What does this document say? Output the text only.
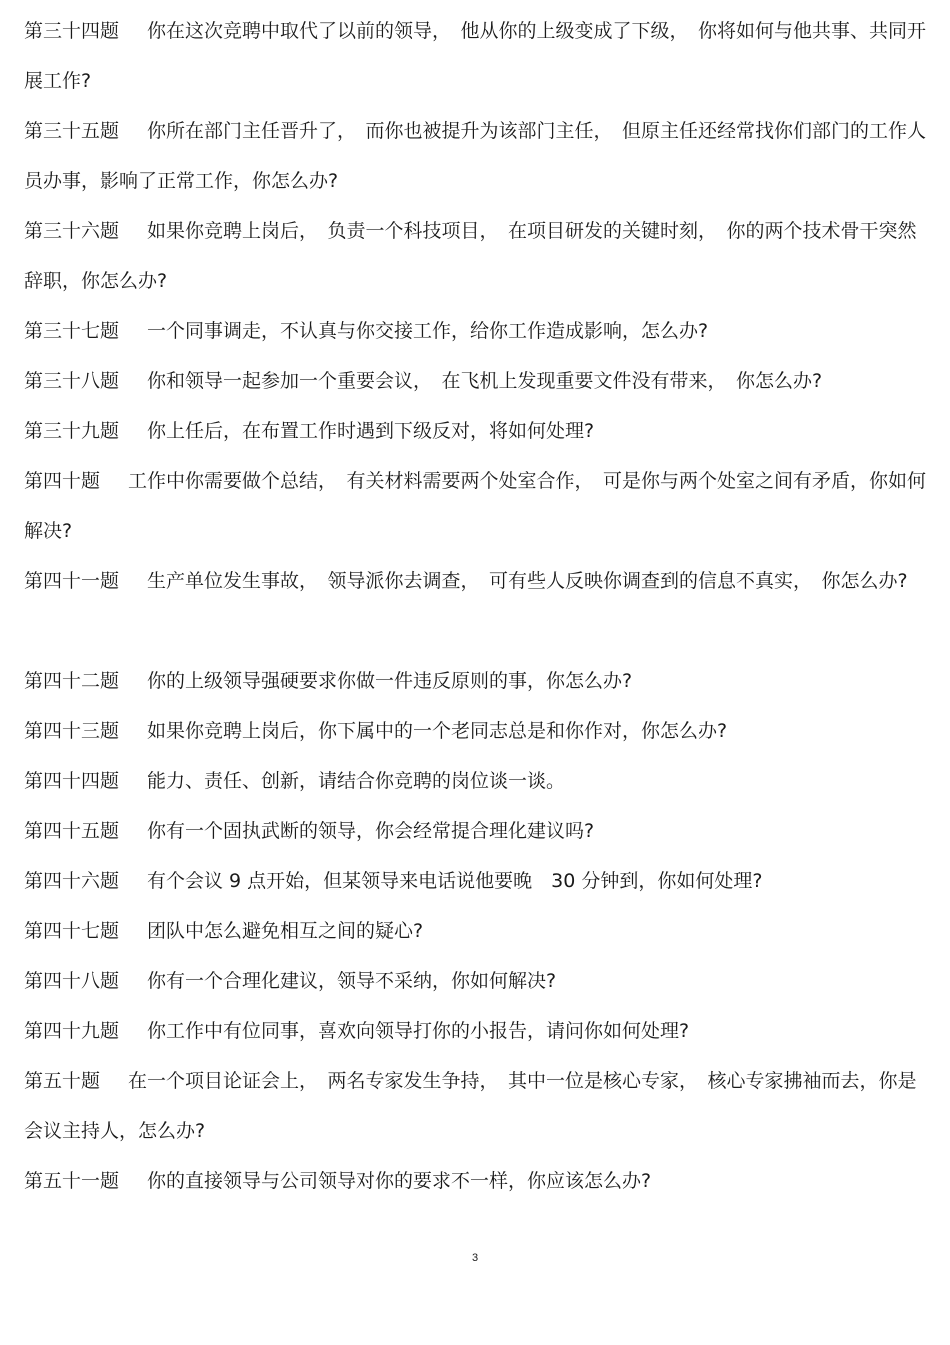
第三十四题 你在这次竞聘中取代了以前的领导，　他从你的上级变成了下级，　你将如何与他共事、共同开展工作?
第三十五题 你所在部门主任晋升了，　而你也被提升为该部门主任，　但原主任还经常找你们部门的工作人员办事，影响了正常工作，你怎么办?
第三十六题 如果你竞聘上岗后，　负责一个科技项目，　在项目研发的关键时刻，　你的两个技术骨干突然辞职，你怎么办?
第三十七题 一个同事调走，不认真与你交接工作，给你工作造成影响，怎么办?
第三十八题 你和领导一起参加一个重要会议，　在飞机上发现重要文件没有带来，　你怎么办?
第三十九题 你上任后，在布置工作时遇到下级反对，将如何处理?
第四十题 工作中你需要做个总结，　有关材料需要两个处室合作，　可是你与两个处室之间有矛盾，你如何解决?
第四十一题 生产单位发生事故，　领导派你去调查，　可有些人反映你调查到的信息不真实，　你怎么办?
第四十二题 你的上级领导强硬要求你做一件违反原则的事，你怎么办?
第四十三题 如果你竞聘上岗后，你下属中的一个老同志总是和你作对，你怎么办?
第四十四题 能力、责任、创新，请结合你竞聘的岗位谈一谈。
第四十五题 你有一个固执武断的领导，你会经常提合理化建议吗?
第四十六题 有个会议 9 点开始，但某领导来电话说他要晚　30 分钟到，你如何处理?
第四十七题 团队中怎么避免相互之间的疑心?
第四十八题 你有一个合理化建议，领导不采纳，你如何解决?
第四十九题 你工作中有位同事，喜欢向领导打你的小报告，请问你如何处理?
第五十题 在一个项目论证会上，　两名专家发生争持，　其中一位是核心专家，　核心专家拂袖而去，你是会议主持人，怎么办?
第五十一题 你的直接领导与公司领导对你的要求不一样，你应该怎么办?
3
